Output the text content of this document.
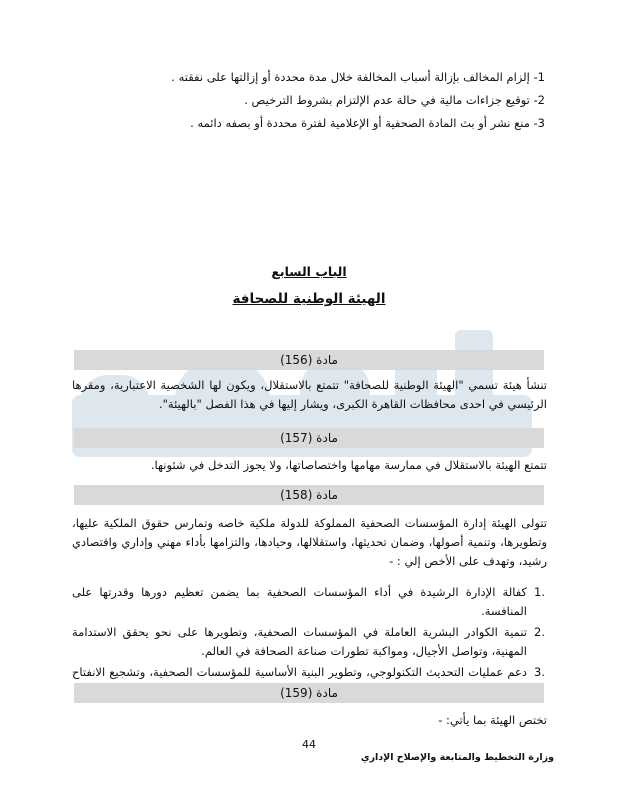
1- إلزام المخالف بإزالة أسباب المخالفة خلال مدة محددة أو إزالتها على نفقته .
2- توقيع جزاءات مالية في حالة عدم الإلتزام بشروط الترخيص .
3- منع نشر أو بث المادة الصحفية أو الإعلامية لفترة محددة أو بصفه دائمه .
الباب السابع
الهيئة الوطنية للصحافة
مادة (156)
تنشأ هيئة تسمي "الهيئة الوطنية للصحافة" تتمتع بالاستقلال، ويكون لها الشخصية الاعتبارية، ومقرها الرئيسي في احدى محافظات القاهرة الكبرى، ويشار إليها في هذا الفصل "بالهيئة".
مادة (157)
تتمتع الهيئة بالاستقلال في ممارسة مهامها واختصاصاتها، ولا يجوز التدخل في شئونها.
مادة (158)
تتولى الهيئة إدارة المؤسسات الصحفية المملوكة للدولة ملكية خاصه وتمارس حقوق الملكية عليها، وتطويرها، وتنمية أصولها، وضمان تحديثها، واستقلالها، وحيادها، والتزامها بأداء مهني وإداري واقتصادي رشيد، وتهدف على الأخص إلي : -
1.
كفالة الإدارة الرشيدة في أداء المؤسسات الصحفية بما يضمن تعظيم دورها وقدرتها على المنافسة.
2.
تنمية الكوادر البشرية العاملة في المؤسسات الصحفية، وتطويرها على نحو يحقق الاستدامة المهنية، وتواصل الأجيال، ومواكبة تطورات صناعة الصحافة في العالم.
3.
دعم عمليات التحديث التكنولوجي، وتطوير البنية الأساسية للمؤسسات الصحفية، وتشجيع الانفتاح
مادة (159)
تختص الهيئة بما يأتي: -
44
وزارة التخطيط والمتابعة والإصلاح الإداري
